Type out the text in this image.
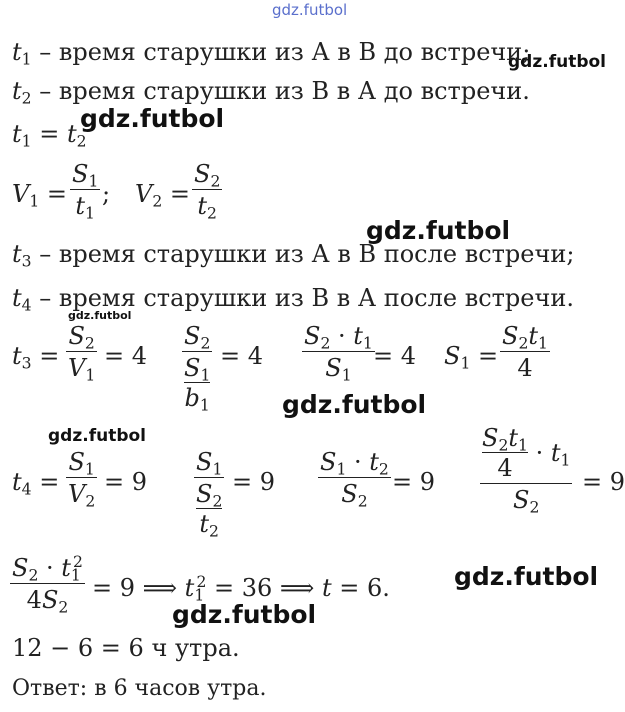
gdz.futbol
gdz.futbol
gdz.futbol
gdz.futbol
gdz.futbol
gdz.futbol
gdz.futbol
gdz.futbol
gdz.futbol
$t_1$ – время старушки из А в В до встречи;
$t_2$ – время старушки из В в А до встречи.
$t_1 = t_2$
$V_1$ =
$S_1$
$t_1$
; $V_2$ =
$S_2$
$t_2$
$t_3$ – время старушки из А в В после встречи;
$t_4$ – время старушки из В в А после встречи.
$t_3$ =
$S_2$
$V_1$
= 4
$S_2$
$S_1$
$b_1$
= 4
$S_2 \cdot t_1$
$S_1$
= 4 $S_1$ =
$S_2t_1$
4
$t_4$ =
$S_1$
$V_2$
= 9
$S_1$
$S_2$
$t_2$
= 9
$S_1 \cdot t_2$
$S_2$
= 9
$S_2t_1$
4
· $t_1$
$S_2$
= 9
$S_2 \cdot t_1^2$
$4S_2$
= 9 ⟹ $t_1^2 = 36$ ⟹ t = 6.
12 − 6 = 6 ч утра.
Ответ: в 6 часов утра.
